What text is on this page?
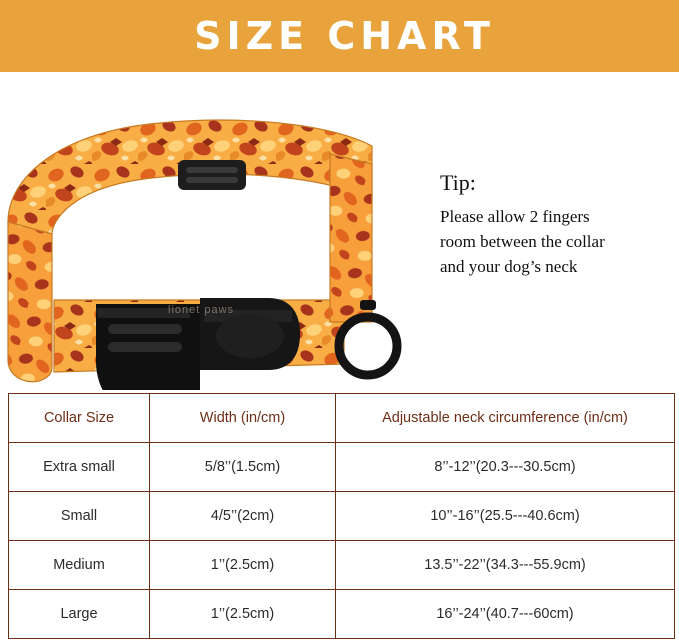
SIZE CHART
lionet paws
Tip:
Please allow 2 fingers
room between the collar
and your dog’s neck
Collar Size	Width (in/cm)	Adjustable neck circumference (in/cm)
Extra small	5/8’’(1.5cm)	8’’-12’’(20.3---30.5cm)
Small	4/5’’(2cm)	10’’-16’’(25.5---40.6cm)
Medium	1’’(2.5cm)	13.5’’-22’’(34.3---55.9cm)
Large	1’’(2.5cm)	16’’-24’’(40.7---60cm)
